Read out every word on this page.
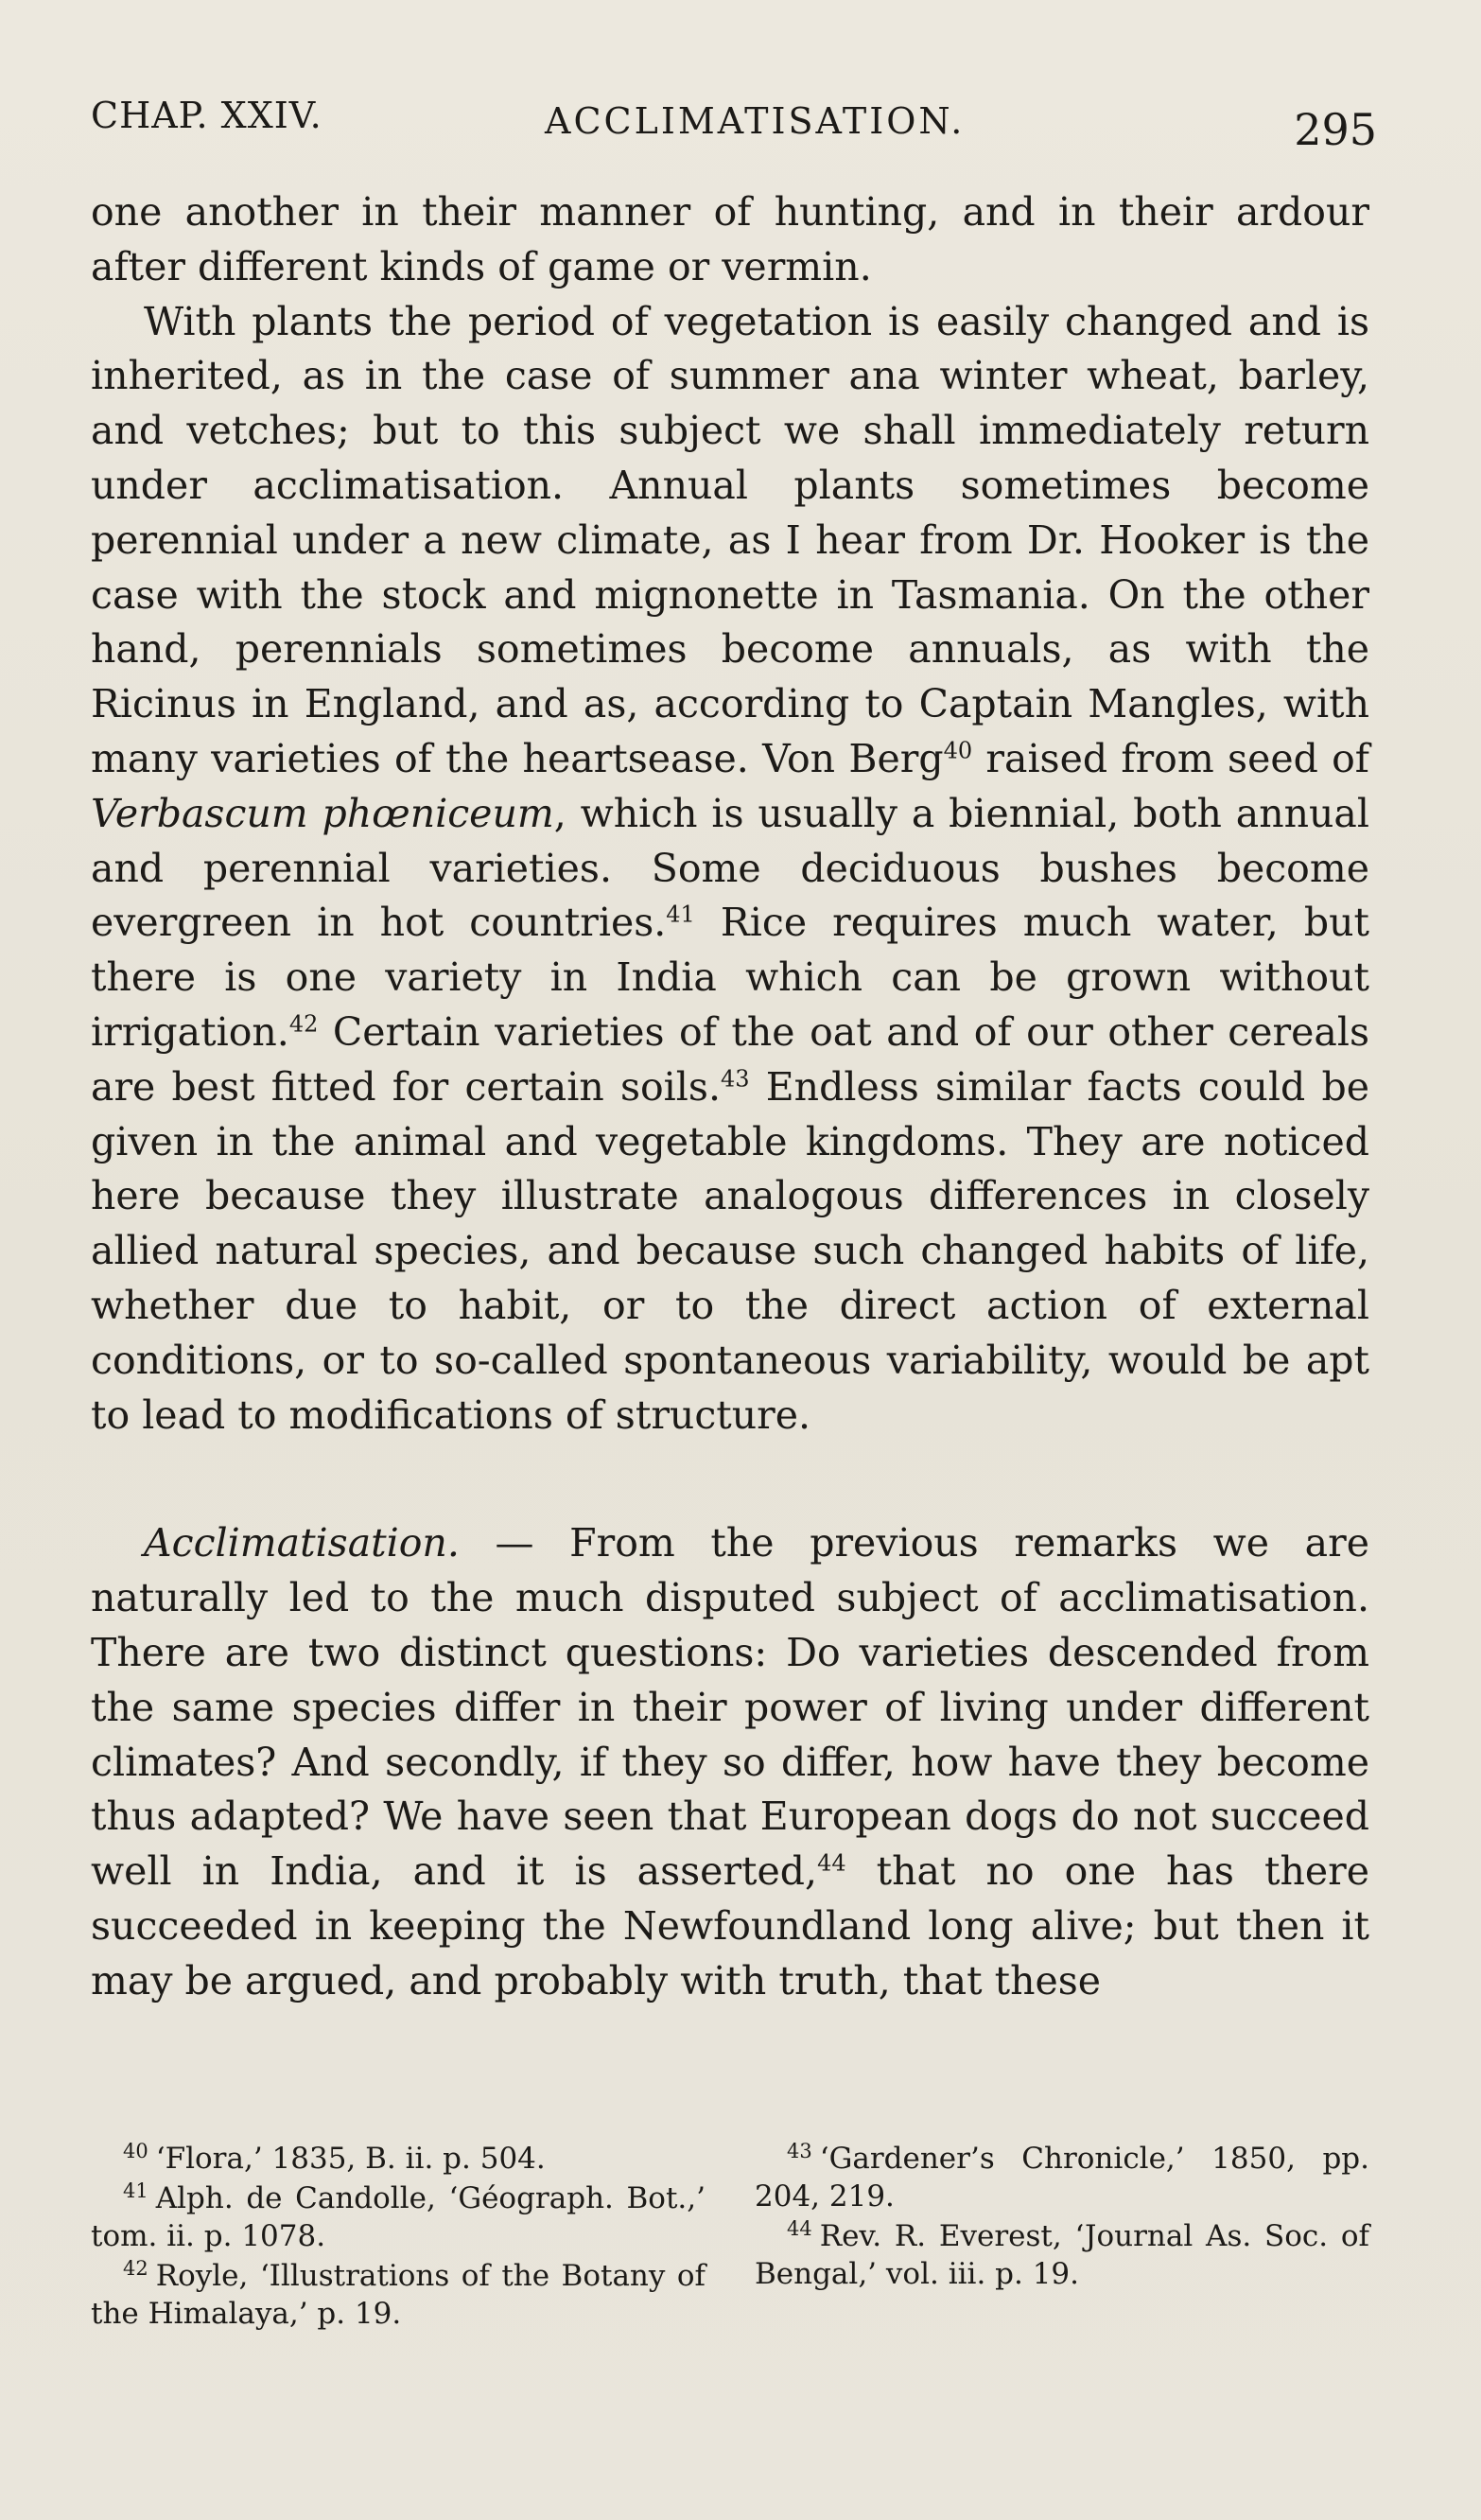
CHAP. XXIV.	ACCLIMATISATION.	295

one another in their manner of hunting, and in their ardour after different kinds of game or vermin.

With plants the period of vegetation is easily changed and is inherited, as in the case of summer ana winter wheat, barley, and vetches; but to this subject we shall immediately return under acclimatisation. Annual plants sometimes become perennial under a new climate, as I hear from Dr. Hooker is the case with the stock and mignonette in Tasmania. On the other hand, perennials sometimes become annuals, as with the Ricinus in England, and as, according to Captain Mangles, with many varieties of the heartsease. Von Berg$^{40}$ raised from seed of Verbascum phœniceum, which is usually a biennial, both annual and perennial varieties. Some deciduous bushes become evergreen in hot countries.$^{41}$ Rice requires much water, but there is one variety in India which can be grown without irrigation.$^{42}$ Certain varieties of the oat and of our other cereals are best fitted for certain soils.$^{43}$ Endless similar facts could be given in the animal and vegetable kingdoms. They are noticed here because they illustrate analogous differences in closely allied natural species, and because such changed habits of life, whether due to habit, or to the direct action of external conditions, or to so-called spontaneous variability, would be apt to lead to modifications of structure.

Acclimatisation. — From the previous remarks we are naturally led to the much disputed subject of acclimatisation. There are two distinct questions: Do varieties descended from the same species differ in their power of living under different climates? And secondly, if they so differ, how have they become thus adapted? We have seen that European dogs do not succeed well in India, and it is asserted,$^{44}$ that no one has there succeeded in keeping the Newfoundland long alive; but then it may be argued, and probably with truth, that these

$^{40}$ ‘Flora,’ 1835, B. ii. p. 504.

$^{41}$ Alph. de Candolle, ‘Géograph. Bot.,’ tom. ii. p. 1078.

$^{42}$ Royle, ‘Illustrations of the Botany of the Himalaya,’ p. 19.

$^{43}$ ‘Gardener’s Chronicle,’ 1850, pp. 204, 219.

$^{44}$ Rev. R. Everest, ‘Journal As. Soc. of Bengal,’ vol. iii. p. 19.
